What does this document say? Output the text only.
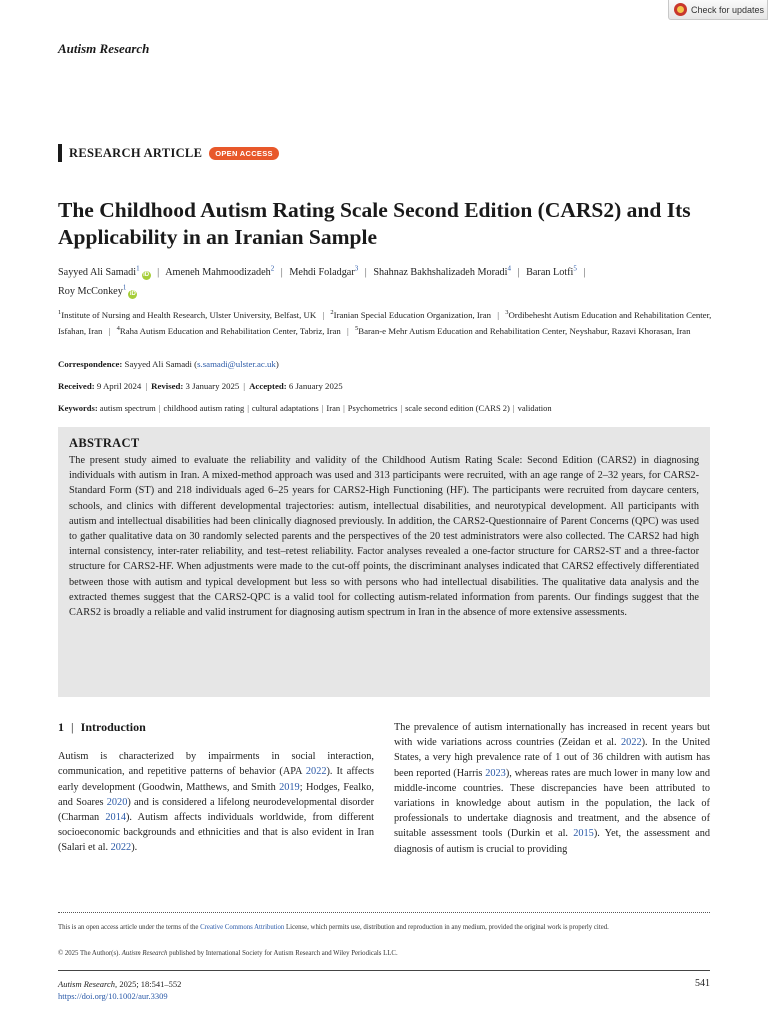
Check for updates
Autism Research
RESEARCH ARTICLE	OPEN ACCESS
The Childhood Autism Rating Scale Second Edition (CARS2) and Its Applicability in an Iranian Sample
Sayyed Ali Samadi$^1$iD | Ameneh Mahmoodizadeh$^2$ | Mehdi Foladgar$^3$ | Shahnaz Bakhshalizadeh Moradi$^4$ | Baran Lotfi$^5$ |
Roy McConkey$^1$iD
$^1$Institute of Nursing and Health Research, Ulster University, Belfast, UK | $^2$Iranian Special Education Organization, Iran | $^3$Ordibehesht Autism Education and Rehabilitation Center, Isfahan, Iran | $^4$Raha Autism Education and Rehabilitation Center, Tabriz, Iran | $^5$Baran-e Mehr Autism Education and Rehabilitation Center, Neyshabur, Razavi Khorasan, Iran
Correspondence: Sayyed Ali Samadi (s.samadi@ulster.ac.uk)
Received: 9 April 2024 | Revised: 3 January 2025 | Accepted: 6 January 2025
Keywords: autism spectrum | childhood autism rating | cultural adaptations | Iran | Psychometrics | scale second edition (CARS 2) | validation
ABSTRACT

The present study aimed to evaluate the reliability and validity of the Childhood Autism Rating Scale: Second Edition (CARS2) in diagnosing individuals with autism in Iran. A mixed-method approach was used and 313 participants were recruited, with an age range of 2–32 years, for CARS2-Standard Form (ST) and 218 individuals aged 6–25 years for CARS2-High Functioning (HF). The participants were recruited from daycare centers, schools, and clinics with different developmental trajectories: autism, intellectual disabilities, and neurotypical development. All participants with autism and intellectual disabilities had been clinically diagnosed previously. In addition, the CARS2-Questionnaire of Parent Concerns (QPC) was used to gather qualitative data on 30 randomly selected parents and the perspectives of the 20 test administrators were also collected. The CARS2 had high internal consistency, inter-rater reliability, and test–retest reliability. Factor analyses revealed a one-factor structure for CARS2-ST and a three-factor structure for CARS2-HF. When adjustments were made to the cut-off points, the discriminant analyses indicated that CARS2 effectively differentiated between those with autism and typical development but less so with persons who had intellectual disabilities. The qualitative data analysis and the extracted themes suggest that the CARS2-QPC is a valid tool for collecting autism-related information from parents. Our findings suggest that the CARS2 is broadly a reliable and valid instrument for diagnosing autism spectrum in Iran in the absence of more extensive assessments.

1 | Introduction

Autism is characterized by impairments in social interaction, communication, and repetitive patterns of behavior (APA 2022). It affects early development (Goodwin, Matthews, and Smith 2019; Hodges, Fealko, and Soares 2020) and is considered a lifelong neurodevelopmental disorder (Charman 2014). Autism affects individuals worldwide, from different socioeconomic backgrounds and ethnicities and that is also evident in Iran (Salari et al. 2022).

The prevalence of autism internationally has increased in recent years but with wide variations across countries (Zeidan et al. 2022). In the United States, a very high prevalence rate of 1 out of 36 children with autism has been reported (Harris 2023), whereas rates are much lower in many low and middle-income countries. These discrepancies have been attributed to variations in knowledge about autism in the population, the lack of professionals to undertake diagnosis and treatment, and the absence of suitable assessment tools (Durkin et al. 2015). Yet, the assessment and diagnosis of autism is crucial to providing

This is an open access article under the terms of the Creative Commons Attribution License, which permits use, distribution and reproduction in any medium, provided the original work is properly cited.
© 2025 The Author(s). Autism Research published by International Society for Autism Research and Wiley Periodicals LLC.
Autism Research, 2025; 18:541–552
https://doi.org/10.1002/aur.3309
541
